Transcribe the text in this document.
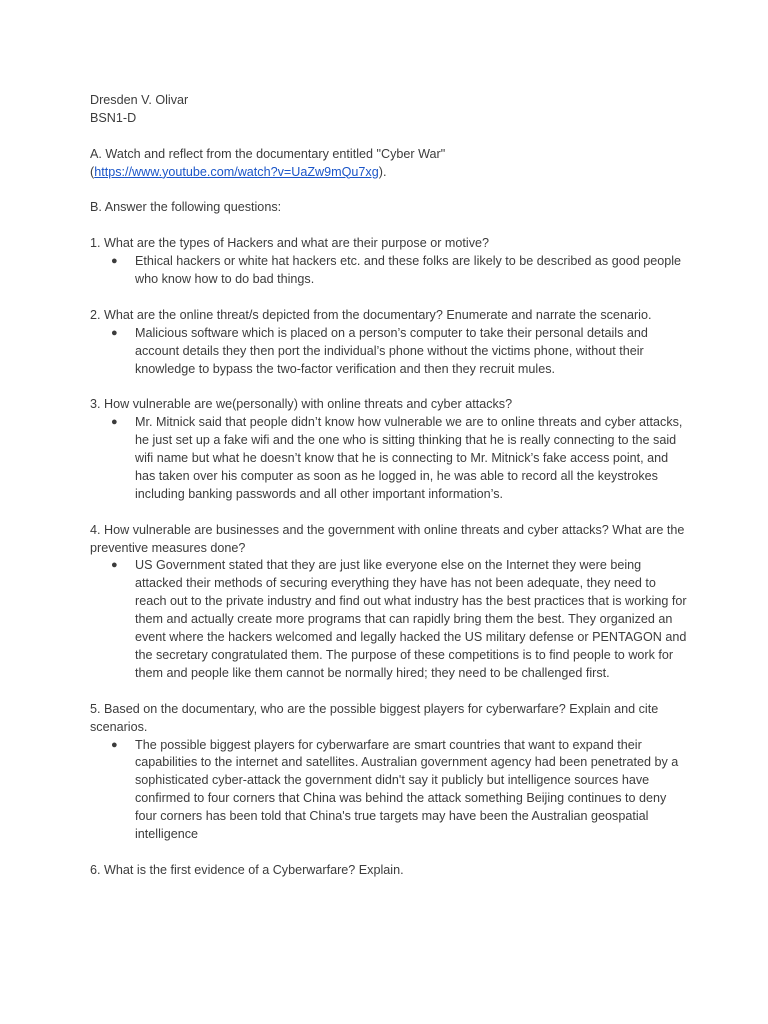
Dresden V. Olivar

BSN1-D

A. Watch and reflect from the documentary entitled "Cyber War"
(https://www.youtube.com/watch?v=UaZw9mQu7xg).

B. Answer the following questions:

1. What are the types of Hackers and what are their purpose or motive?

● Ethical hackers or white hat hackers etc. and these folks are likely to be described as good people who know how to do bad things.

2. What are the online threat/s depicted from the documentary? Enumerate and narrate the scenario.

● Malicious software which is placed on a person’s computer to take their personal details and account details they then port the individual’s phone without the victims phone, without their knowledge to bypass the two-factor verification and then they recruit mules.

3. How vulnerable are we(personally) with online threats and cyber attacks?

● Mr. Mitnick said that people didn’t know how vulnerable we are to online threats and cyber attacks, he just set up a fake wifi and the one who is sitting thinking that he is really connecting to the said wifi name but what he doesn’t know that he is connecting to Mr. Mitnick’s fake access point, and has taken over his computer as soon as he logged in, he was able to record all the keystrokes including banking passwords and all other important information’s.

4. How vulnerable are businesses and the government with online threats and cyber attacks? What are the preventive measures done?

● US Government stated that they are just like everyone else on the Internet they were being attacked their methods of securing everything they have has not been adequate, they need to reach out to the private industry and find out what industry has the best practices that is working for them and actually create more programs that can rapidly bring them the best. They organized an event where the hackers welcomed and legally hacked the US military defense or PENTAGON and the secretary congratulated them. The purpose of these competitions is to find people to work for them and people like them cannot be normally hired; they need to be challenged first.

5. Based on the documentary, who are the possible biggest players for cyberwarfare? Explain and cite scenarios.

● The possible biggest players for cyberwarfare are smart countries that want to expand their capabilities to the internet and satellites. Australian government agency had been penetrated by a sophisticated cyber-attack the government didn't say it publicly but intelligence sources have confirmed to four corners that China was behind the attack something Beijing continues to deny four corners has been told that China's true targets may have been the Australian geospatial intelligence

6. What is the first evidence of a Cyberwarfare? Explain.
